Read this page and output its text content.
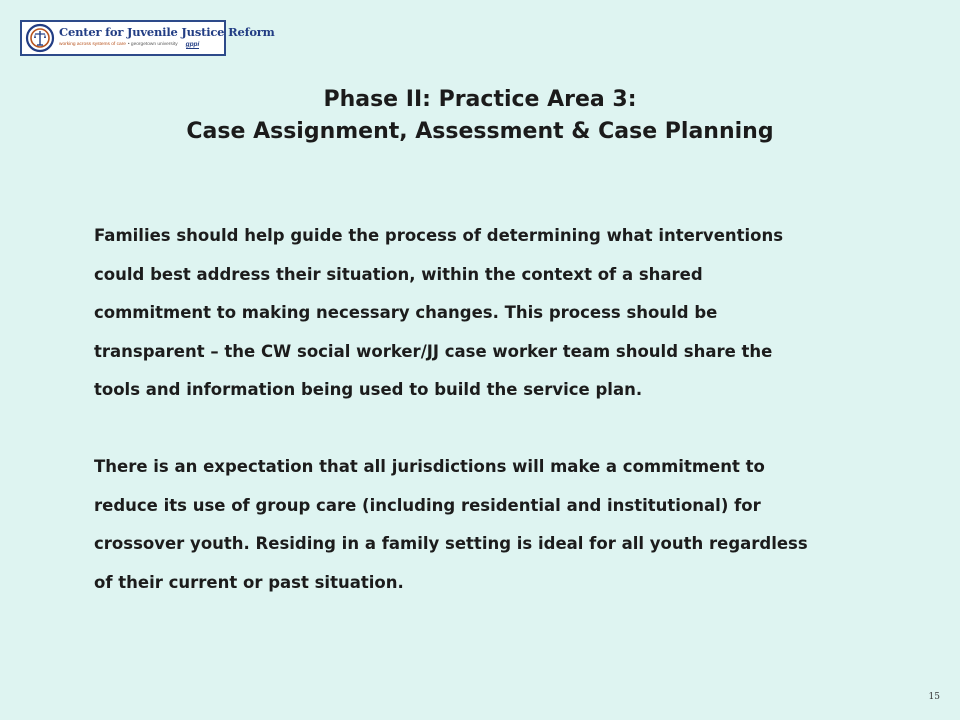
Center for Juvenile Justice Reform
working across systems of care • georgetown university gppi
Phase II: Practice Area 3:
Case Assignment, Assessment & Case Planning
Families should help guide the process of determining what interventions
could best address their situation, within the context of a shared
commitment to making necessary changes. This process should be
transparent – the CW social worker/JJ case worker team should share the
tools and information being used to build the service plan.
There is an expectation that all jurisdictions will make a commitment to
reduce its use of group care (including residential and institutional) for
crossover youth. Residing in a family setting is ideal for all youth regardless
of their current or past situation.
15
